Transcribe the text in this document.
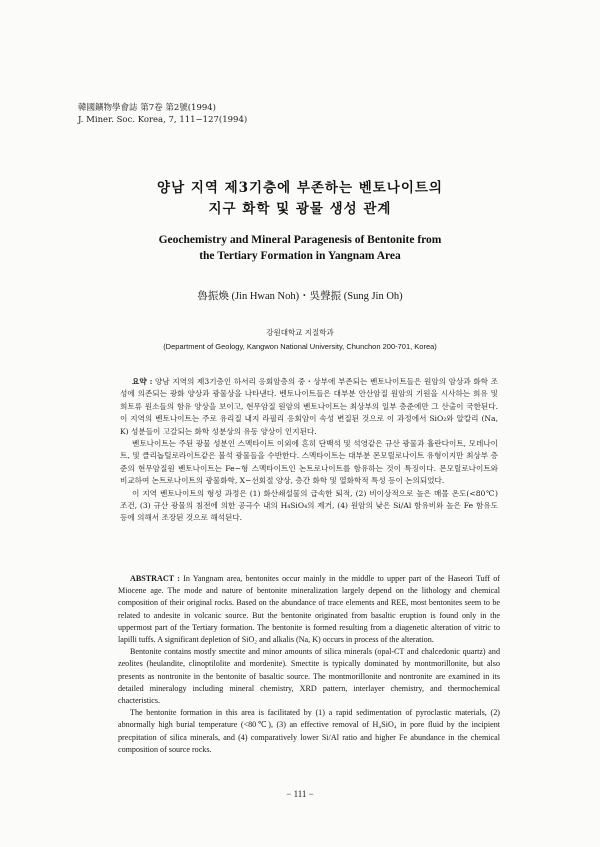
韓國鑛物學會誌 第7卷 第2號(1994)
J. Miner. Soc. Korea, 7, 111−127(1994)
양남 지역 제3기층에 부존하는 벤토나이트의
지구 화학 및 광물 생성 관계
Geochemistry and Mineral Paragenesis of Bentonite from
the Tertiary Formation in Yangnam Area
魯振煥 (Jin Hwan Noh)・吳聲振 (Sung Jin Oh)
강원대학교 지질학과
(Department of Geology, Kangwon National University, Chunchon 200-701, Korea)

요약 : 양남 지역의 제3기층인 하서리 응회암층의 중・상부에 부존되는 벤토나이트들은 원암의 암상과 화학 조성에 의존되는 광화 양상과 광물상을 나타낸다. 벤토나이트들은 대부분 안산암질 원암의 기원을 시사하는 희유 및 희토류 원소들의 함유 양상을 보이고, 현무암질 원암의 벤토나이트는 최상부의 일부 층준에만 그 산출이 국한된다. 이 지역의 벤토나이트는 주로 유리질 내지 라필리 응회암이 속성 변질된 것으로 이 과정에서 SiO₂와 알칼리 (Na, K) 성분들이 고갈되는 화학 성분상의 유동 양상이 인지된다.

벤토나이트는 주된 광물 성분인 스멕타이트 이외에 흔히 단백석 및 석영같은 규산 광물과 휼란다이트, 모데나이트, 및 클리놉틸로라이트같은 불석 광물들을 수반한다. 스멕타이트는 대부분 몬모릴로나이트 유형이지만 최상부 층준의 현무암질원 벤토나이트는 Fe−형 스멕타이트인 논트로나이트를 함유하는 것이 특징이다. 몬모릴로나이트와 비교하여 논트로나이트의 광물화학, X−선회절 양상, 층간 화학 및 열화학적 특성 등이 논의되었다.

이 지역 벤토나이트의 형성 과정은 (1) 화산쇄설물의 급속한 퇴적, (2) 비이상적으로 높은 매몰 온도(<80℃) 조건, (3) 규산 광물의 침전에 의한 공극수 내의 H₄SiO₄의 제거, (4) 원암의 낮은 Si/Al 함유비와 높은 Fe 함유도 등에 의해서 조장된 것으로 해석된다.

ABSTRACT : In Yangnam area, bentonites occur mainly in the middle to upper part of the Haseori Tuff of Miocene age. The mode and nature of bentonite mineralization largely depend on the lithology and chemical composition of their original rocks. Based on the abundance of trace elements and REE, most bentonites seem to be related to andesite in volcanic source. But the bentonite originated from basaltic eruption is found only in the uppermost part of the Tertiary formation. The bentonite is formed resulting from a diagenetic alteration of vitric to lapilli tuffs. A significant depletion of SiO₂ and alkalis (Na, K) occurs in process of the alteration.

Bentonite contains mostly smectite and minor amounts of silica minerals (opal-CT and chalcedonic quartz) and zeolites (heulandite, clinoptilolite and mordenite). Smectite is typically dominated by montmorillonite, but also presents as nontronite in the bentonite of basaltic source. The montmorillonite and nontronite are examined in its detailed mineralogy including mineral chemistry, XRD pattern, interlayer chemistry, and thermochemical chacteristics.

The bentonite formation in this area is facilitated by (1) a rapid sedimentation of pyroclastic materials, (2) abnormally high burial temperature (<80℃), (3) an effective removal of H₄SiO₄ in pore fluid by the incipient precpitation of silica minerals, and (4) comparatively lower Si/Al ratio and higher Fe abundance in the chemical composition of source rocks.

− 111 −
